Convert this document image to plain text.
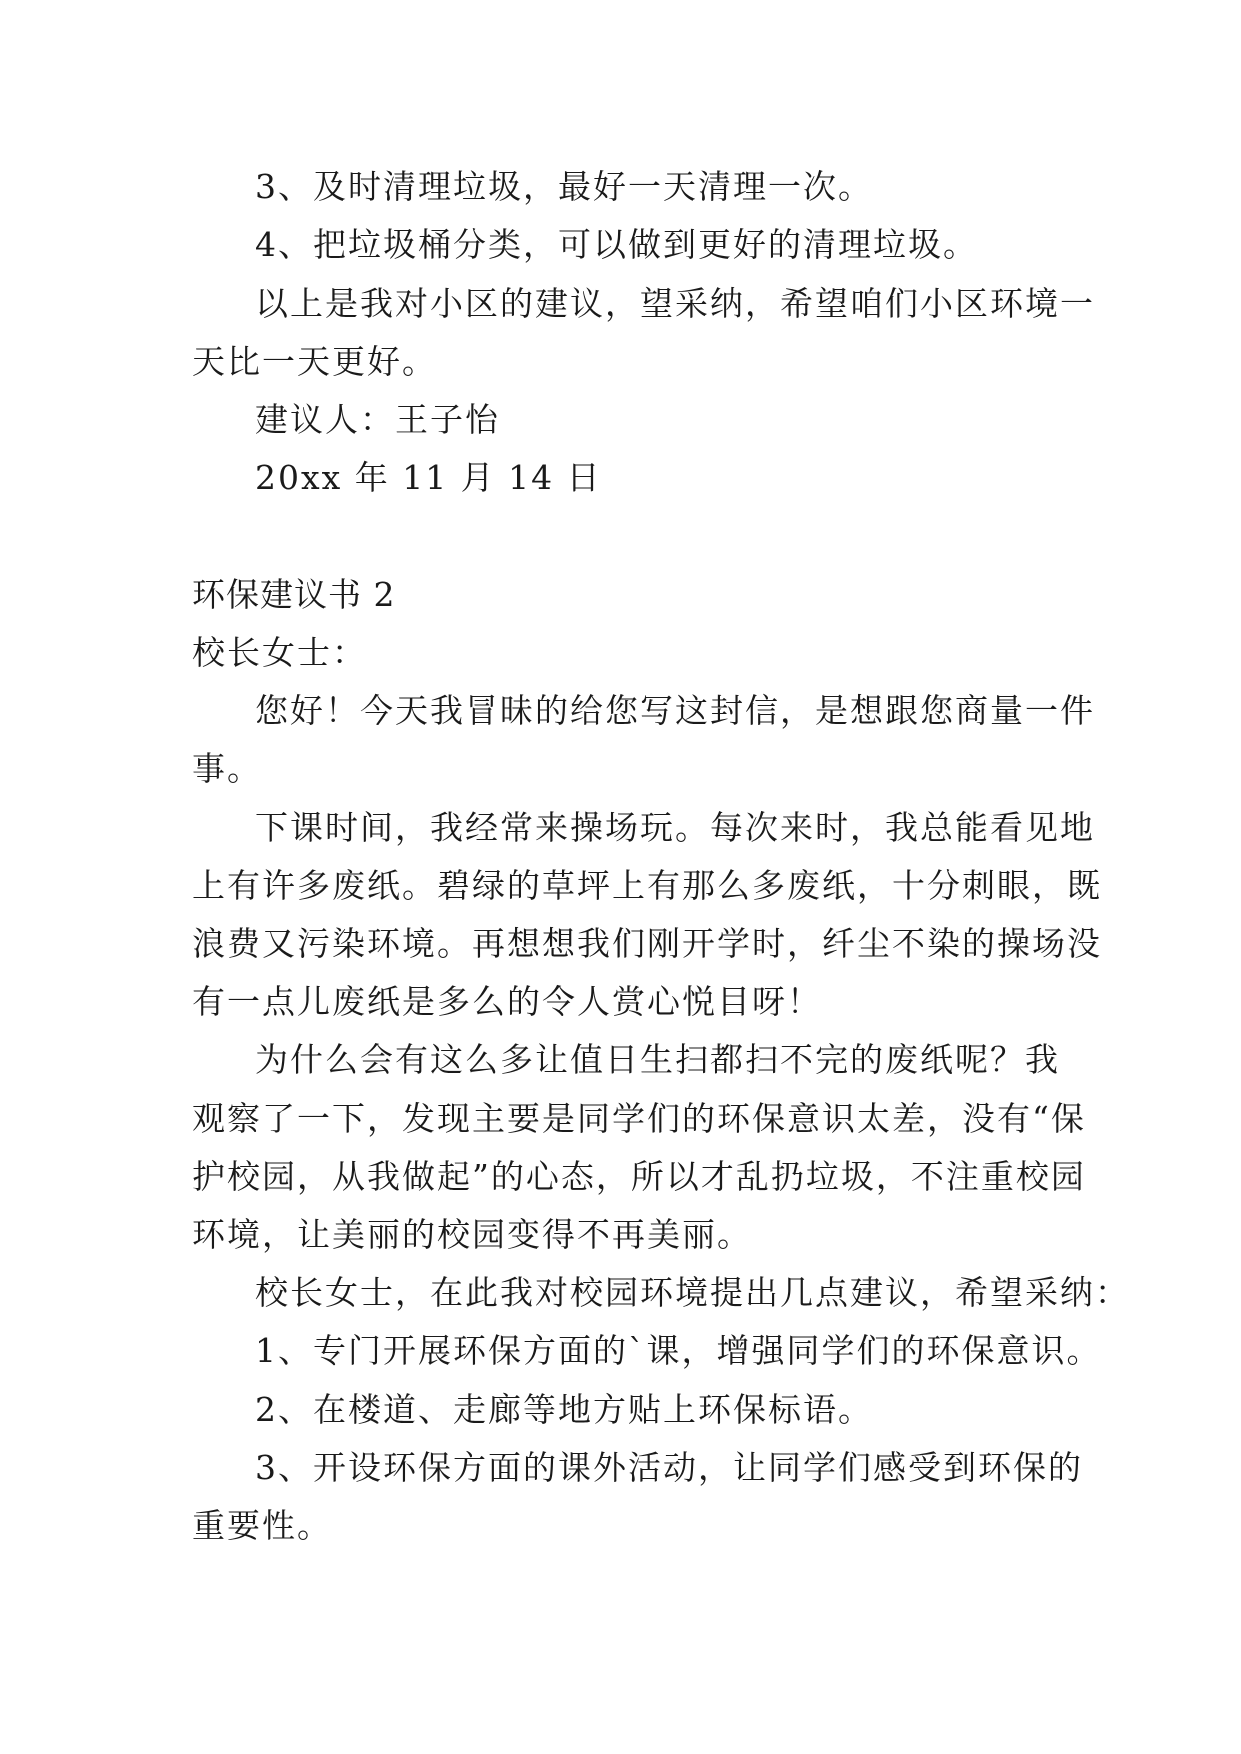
3、及时清理垃圾，最好一天清理一次。
4、把垃圾桶分类，可以做到更好的清理垃圾。
以上是我对小区的建议，望采纳，希望咱们小区环境一
天比一天更好。
建议人：王子怡
20xx 年 11 月 14 日
环保建议书 2
校长女士：
您好！今天我冒昧的给您写这封信，是想跟您商量一件
事。
下课时间，我经常来操场玩。每次来时，我总能看见地
上有许多废纸。碧绿的草坪上有那么多废纸，十分刺眼，既
浪费又污染环境。再想想我们刚开学时，纤尘不染的操场没
有一点儿废纸是多么的令人赏心悦目呀！
为什么会有这么多让值日生扫都扫不完的废纸呢？我
观察了一下，发现主要是同学们的环保意识太差，没有“保
护校园，从我做起”的心态，所以才乱扔垃圾，不注重校园
环境，让美丽的校园变得不再美丽。
校长女士，在此我对校园环境提出几点建议，希望采纳：
1、专门开展环保方面的`课，增强同学们的环保意识。
2、在楼道、走廊等地方贴上环保标语。
3、开设环保方面的课外活动，让同学们感受到环保的
重要性。
